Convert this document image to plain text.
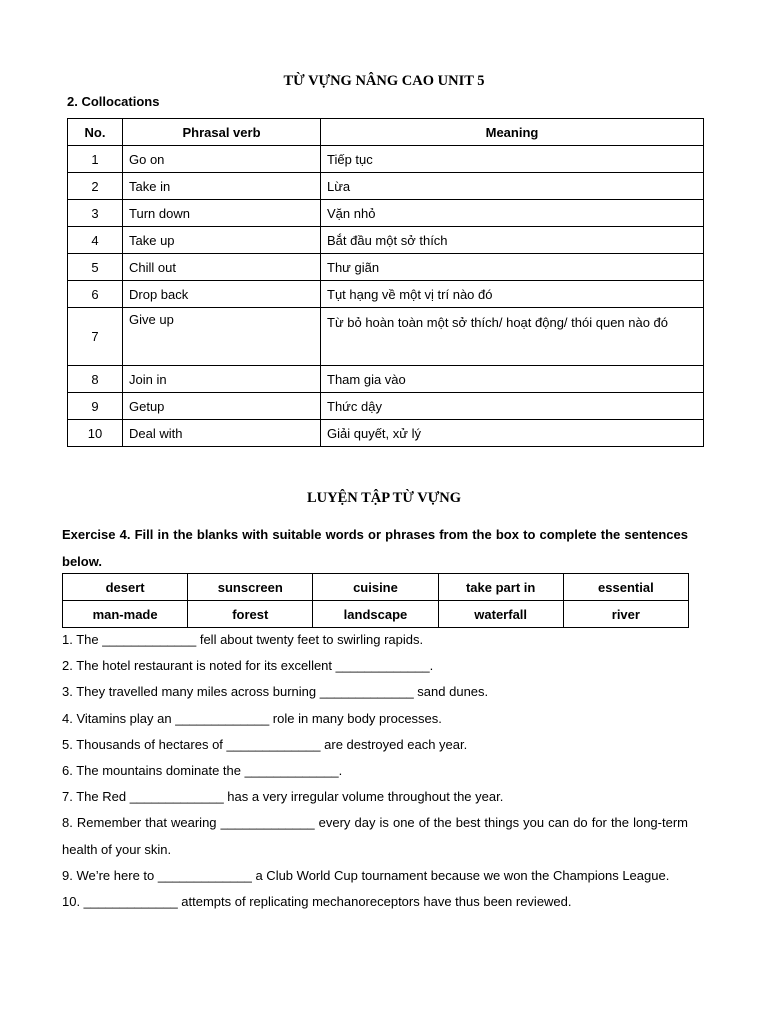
TỪ VỰNG NÂNG CAO UNIT 5
2. Collocations
No.	Phrasal verb	Meaning
1	Go on	Tiếp tục
2	Take in	Lừa
3	Turn down	Vặn nhỏ
4	Take up	Bắt đầu một sở thích
5	Chill out	Thư giãn
6	Drop back	Tụt hạng về một vị trí nào đó
7	Give up	Từ bỏ hoàn toàn một sở thích/ hoạt động/ thói quen nào đó
8	Join in	Tham gia vào
9	Getup	Thức dậy
10	Deal with	Giải quyết, xử lý
LUYỆN TẬP TỪ VỰNG
Exercise 4. Fill in the blanks with suitable words or phrases from the box to complete the sentences below.
desert	sunscreen	cuisine	take part in	essential
man-made	forest	landscape	waterfall	river
1. The _____________ fell about twenty feet to swirling rapids.
2. The hotel restaurant is noted for its excellent _____________.
3. They travelled many miles across burning _____________ sand dunes.
4. Vitamins play an _____________ role in many body processes.
5. Thousands of hectares of _____________ are destroyed each year.
6. The mountains dominate the _____________.
7. The Red _____________ has a very irregular volume throughout the year.
8. Remember that wearing _____________ every day is one of the best things you can do for the long-term health of your skin.
9. We’re here to _____________ a Club World Cup tournament because we won the Champions League.
10. _____________ attempts of replicating mechanoreceptors have thus been reviewed.
